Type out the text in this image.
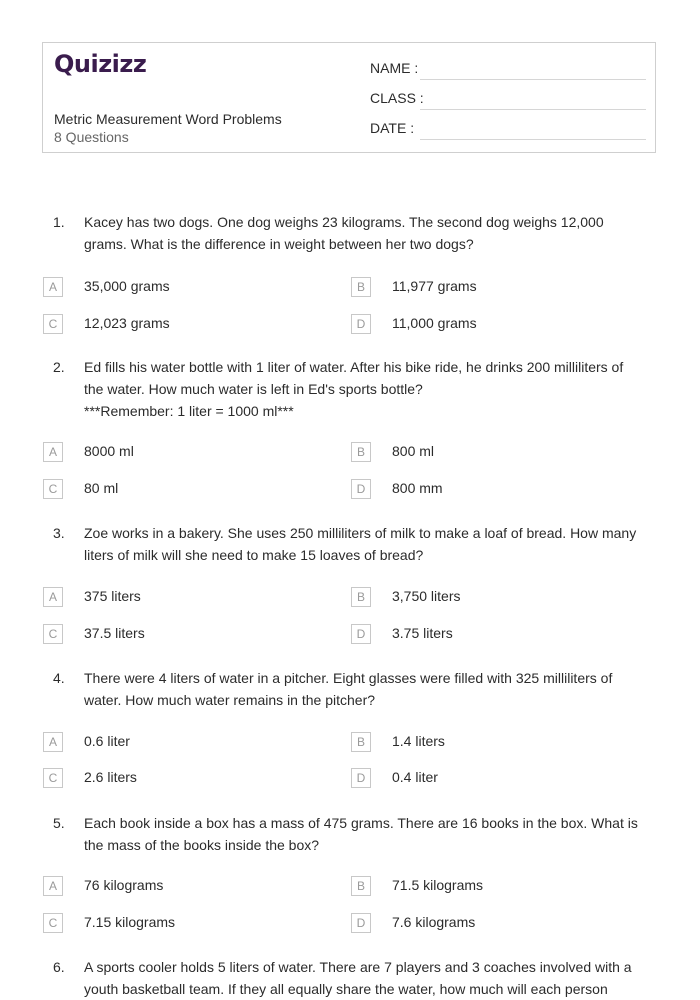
Quizizz
Metric Measurement Word Problems
8 Questions
NAME :
CLASS :
DATE :
1. Kacey has two dogs. One dog weighs 23 kilograms. The second dog weighs 12,000
grams. What is the difference in weight between her two dogs?
A	35,000 grams	B	11,977 grams
C	12,023 grams	D	11,000 grams
2. Ed fills his water bottle with 1 liter of water. After his bike ride, he drinks 200 milliliters of
the water. How much water is left in Ed's sports bottle?
***Remember: 1 liter = 1000 ml***
A	8000 ml	B	800 ml
C	80 ml	D	800 mm
3. Zoe works in a bakery. She uses 250 milliliters of milk to make a loaf of bread. How many
liters of milk will she need to make 15 loaves of bread?
A	375 liters	B	3,750 liters
C	37.5 liters	D	3.75 liters
4. There were 4 liters of water in a pitcher. Eight glasses were filled with 325 milliliters of
water. How much water remains in the pitcher?
A	0.6 liter	B	1.4 liters
C	2.6 liters	D	0.4 liter
5. Each book inside a box has a mass of 475 grams. There are 16 books in the box. What is
the mass of the books inside the box?
A	76 kilograms	B	71.5 kilograms
C	7.15 kilograms	D	7.6 kilograms
6. A sports cooler holds 5 liters of water. There are 7 players and 3 coaches involved with a
youth basketball team. If they all equally share the water, how much will each person
